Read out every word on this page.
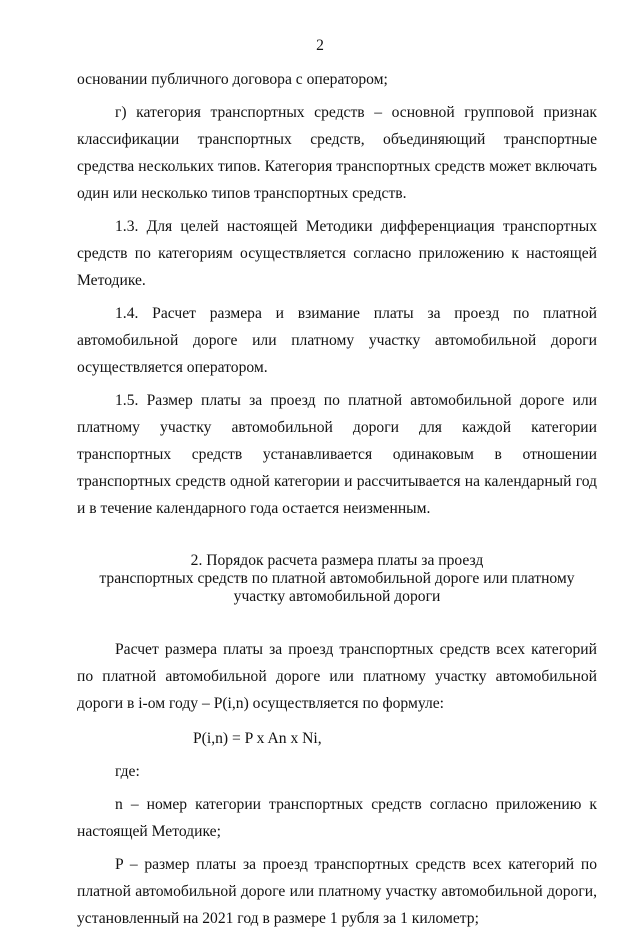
2

основании публичного договора с оператором;

г) категория транспортных средств – основной групповой признак классификации транспортных средств, объединяющий транспортные средства нескольких типов. Категория транспортных средств может включать один или несколько типов транспортных средств.

1.3. Для целей настоящей Методики дифференциация транспортных средств по категориям осуществляется согласно приложению к настоящей Методике.

1.4. Расчет размера и взимание платы за проезд по платной автомобильной дороге или платному участку автомобильной дороги осуществляется оператором.

1.5. Размер платы за проезд по платной автомобильной дороге или платному участку автомобильной дороги для каждой категории транспортных средств устанавливается одинаковым в отношении транспортных средств одной категории и рассчитывается на календарный год и в течение календарного года остается неизменным.

2. Порядок расчета размера платы за проезд
транспортных средств по платной автомобильной дороге или платному
участку автомобильной дороги

Расчет размера платы за проезд транспортных средств всех категорий по платной автомобильной дороге или платному участку автомобильной дороги в i-ом году – P(i,n) осуществляется по формуле:

P(i,n) = P x An x Ni,

где:

n – номер категории транспортных средств согласно приложению к настоящей Методике;

P – размер платы за проезд транспортных средств всех категорий по платной автомобильной дороге или платному участку автомобильной дороги, установленный на 2021 год в размере 1 рубля за 1 километр;
